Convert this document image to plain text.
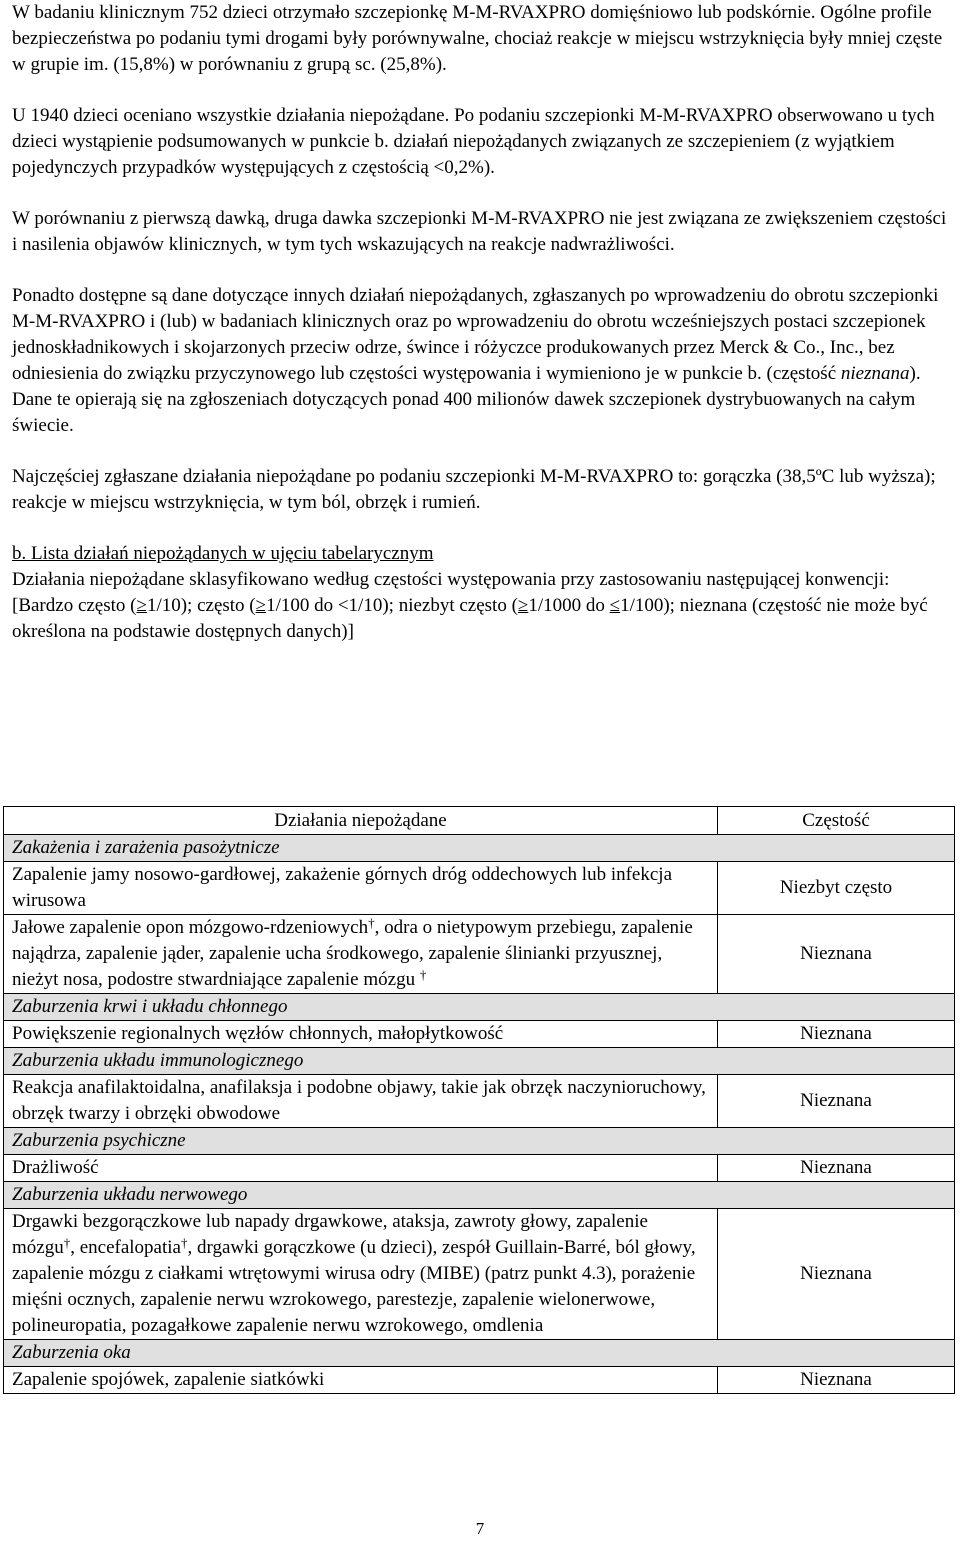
W badaniu klinicznym 752 dzieci otrzymało szczepionkę M-M-RVAXPRO domięśniowo lub podskórnie. Ogólne profile bezpieczeństwa po podaniu tymi drogami były porównywalne, chociaż reakcje w miejscu wstrzyknięcia były mniej częste w grupie im. (15,8%) w porównaniu z grupą sc. (25,8%).

U 1940 dzieci oceniano wszystkie działania niepożądane. Po podaniu szczepionki M-M-RVAXPRO obserwowano u tych dzieci wystąpienie podsumowanych w punkcie b. działań niepożądanych związanych ze szczepieniem (z wyjątkiem pojedynczych przypadków występujących z częstością <0,2%).

W porównaniu z pierwszą dawką, druga dawka szczepionki M-M-RVAXPRO nie jest związana ze zwiększeniem częstości i nasilenia objawów klinicznych, w tym tych wskazujących na reakcje nadwrażliwości.

Ponadto dostępne są dane dotyczące innych działań niepożądanych, zgłaszanych po wprowadzeniu do obrotu szczepionki M-M-RVAXPRO i (lub) w badaniach klinicznych oraz po wprowadzeniu do obrotu wcześniejszych postaci szczepionek jednoskładnikowych i skojarzonych przeciw odrze, śwince i różyczce produkowanych przez Merck & Co., Inc., bez odniesienia do związku przyczynowego lub częstości występowania i wymieniono je w punkcie b. (częstość nieznana). Dane te opierają się na zgłoszeniach dotyczących ponad 400 milionów dawek szczepionek dystrybuowanych na całym świecie.

Najczęściej zgłaszane działania niepożądane po podaniu szczepionki M-M-RVAXPRO to: gorączka (38,5ºC lub wyższa); reakcje w miejscu wstrzyknięcia, w tym ból, obrzęk i rumień.

b. Lista działań niepożądanych w ujęciu tabelarycznym

Działania niepożądane sklasyfikowano według częstości występowania przy zastosowaniu następującej konwencji:

[Bardzo często (≥1/10); często (≥1/100 do <1/10); niezbyt często (≥1/1000 do ≤1/100); nieznana (częstość nie może być określona na podstawie dostępnych danych)]

Działania niepożądane	Częstość
Zakażenia i zarażenia pasożytnicze	
Zapalenie jamy nosowo-gardłowej, zakażenie górnych dróg oddechowych lub infekcja wirusowa	Niezbyt często
Jałowe zapalenie opon mózgowo-rdzeniowych†, odra o nietypowym przebiegu, zapalenie najądrza, zapalenie jąder, zapalenie ucha środkowego, zapalenie ślinianki przyusznej, nieżyt nosa, podostre stwardniające zapalenie mózgu †	Nieznana
Zaburzenia krwi i układu chłonnego	
Powiększenie regionalnych węzłów chłonnych, małopłytkowość	Nieznana
Zaburzenia układu immunologicznego	
Reakcja anafilaktoidalna, anafilaksja i podobne objawy, takie jak obrzęk naczynioruchowy, obrzęk twarzy i obrzęki obwodowe	Nieznana
Zaburzenia psychiczne	
Drażliwość	Nieznana
Zaburzenia układu nerwowego	
Drgawki bezgorączkowe lub napady drgawkowe, ataksja, zawroty głowy, zapalenie mózgu†, encefalopatia†, drgawki gorączkowe (u dzieci), zespół Guillain-Barré, ból głowy, zapalenie mózgu z ciałkami wtrętowymi wirusa odry (MIBE) (patrz punkt 4.3), porażenie mięśni ocznych, zapalenie nerwu wzrokowego, parestezje, zapalenie wielonerwowe, polineuropatia, pozagałkowe zapalenie nerwu wzrokowego, omdlenia	Nieznana
Zaburzenia oka	
Zapalenie spojówek, zapalenie siatkówki	Nieznana
7
